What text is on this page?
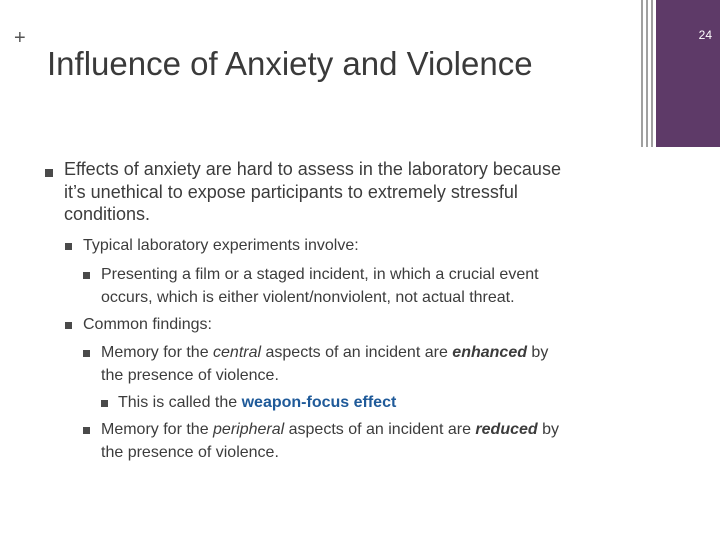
+
Influence of Anxiety and Violence
24
Effects of anxiety are hard to assess in the laboratory because
it’s unethical to expose participants to extremely stressful
conditions.
Typical laboratory experiments involve:
Presenting a film or a staged incident, in which a crucial event
occurs, which is either violent/nonviolent, not actual threat.
Common findings:
Memory for the central aspects of an incident are enhanced by
the presence of violence.
This is called the weapon-focus effect
Memory for the peripheral aspects of an incident are reduced by
the presence of violence.
